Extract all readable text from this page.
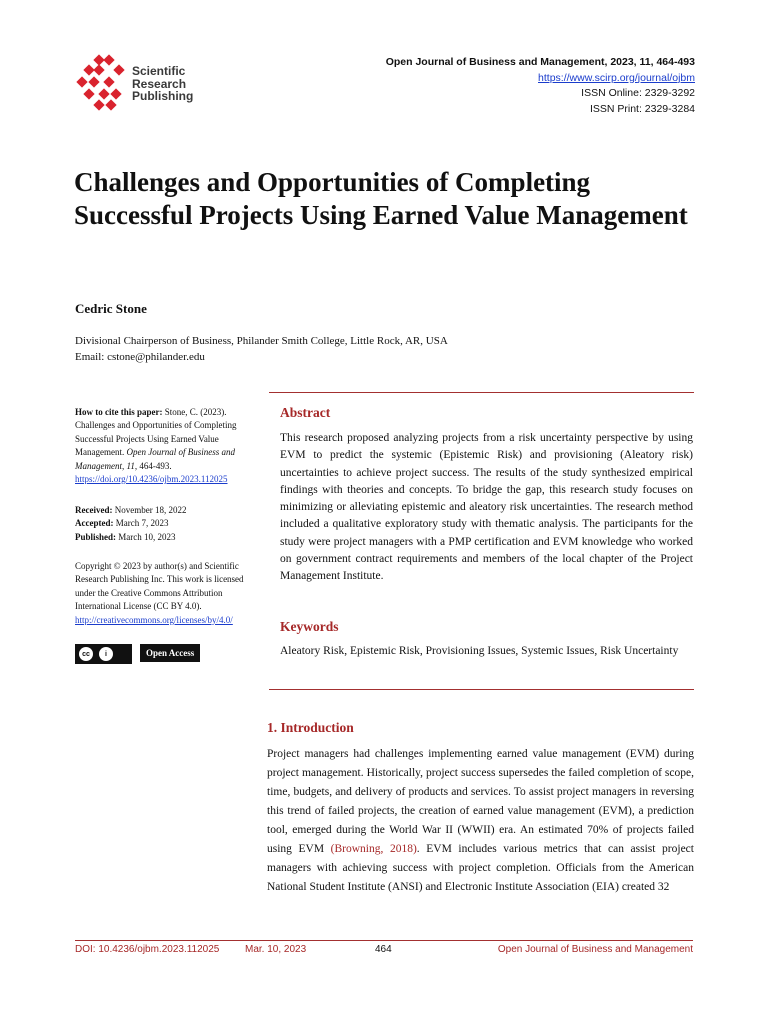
Scientific
Research
Publishing
Open Journal of Business and Management, 2023, 11, 464-493
https://www.scirp.org/journal/ojbm
ISSN Online: 2329-3292
ISSN Print: 2329-3284
Challenges and Opportunities of Completing Successful Projects Using Earned Value Management
Cedric Stone
Divisional Chairperson of Business, Philander Smith College, Little Rock, AR, USA
Email: cstone@philander.edu
How to cite this paper: Stone, C. (2023). Challenges and Opportunities of Completing Successful Projects Using Earned Value Management. Open Journal of Business and Management, 11, 464-493.
https://doi.org/10.4236/ojbm.2023.112025
Received: November 18, 2022
Accepted: March 7, 2023
Published: March 10, 2023
Copyright © 2023 by author(s) and Scientific Research Publishing Inc. This work is licensed under the Creative Commons Attribution International License (CC BY 4.0).
http://creativecommons.org/licenses/by/4.0/
cc	i	Open Access
Abstract
This research proposed analyzing projects from a risk uncertainty perspective by using EVM to predict the systemic (Epistemic Risk) and provisioning (Aleatory risk) uncertainties to achieve project success. The results of the study synthesized empirical findings with theories and concepts. To bridge the gap, this research study focuses on minimizing or alleviating epistemic and aleatory risk uncertainties. The research method included a qualitative exploratory study with thematic analysis. The participants for the study were project managers with a PMP certification and EVM knowledge who worked on government contract requirements and members of the local chapter of the Project Management Institute.
Keywords
Aleatory Risk, Epistemic Risk, Provisioning Issues, Systemic Issues, Risk Uncertainty
1. Introduction
Project managers had challenges implementing earned value management (EVM) during project management. Historically, project success supersedes the failed completion of scope, time, budgets, and delivery of products and services. To assist project managers in reversing this trend of failed projects, the creation of earned value management (EVM), a prediction tool, emerged during the World War II (WWII) era. An estimated 70% of projects failed using EVM (Browning, 2018). EVM includes various metrics that can assist project managers with achieving success with project completion. Officials from the American National Student Institute (ANSI) and Electronic Institute Association (EIA) created 32
DOI: 10.4236/ojbm.2023.112025	Mar. 10, 2023	464	Open Journal of Business and Management
